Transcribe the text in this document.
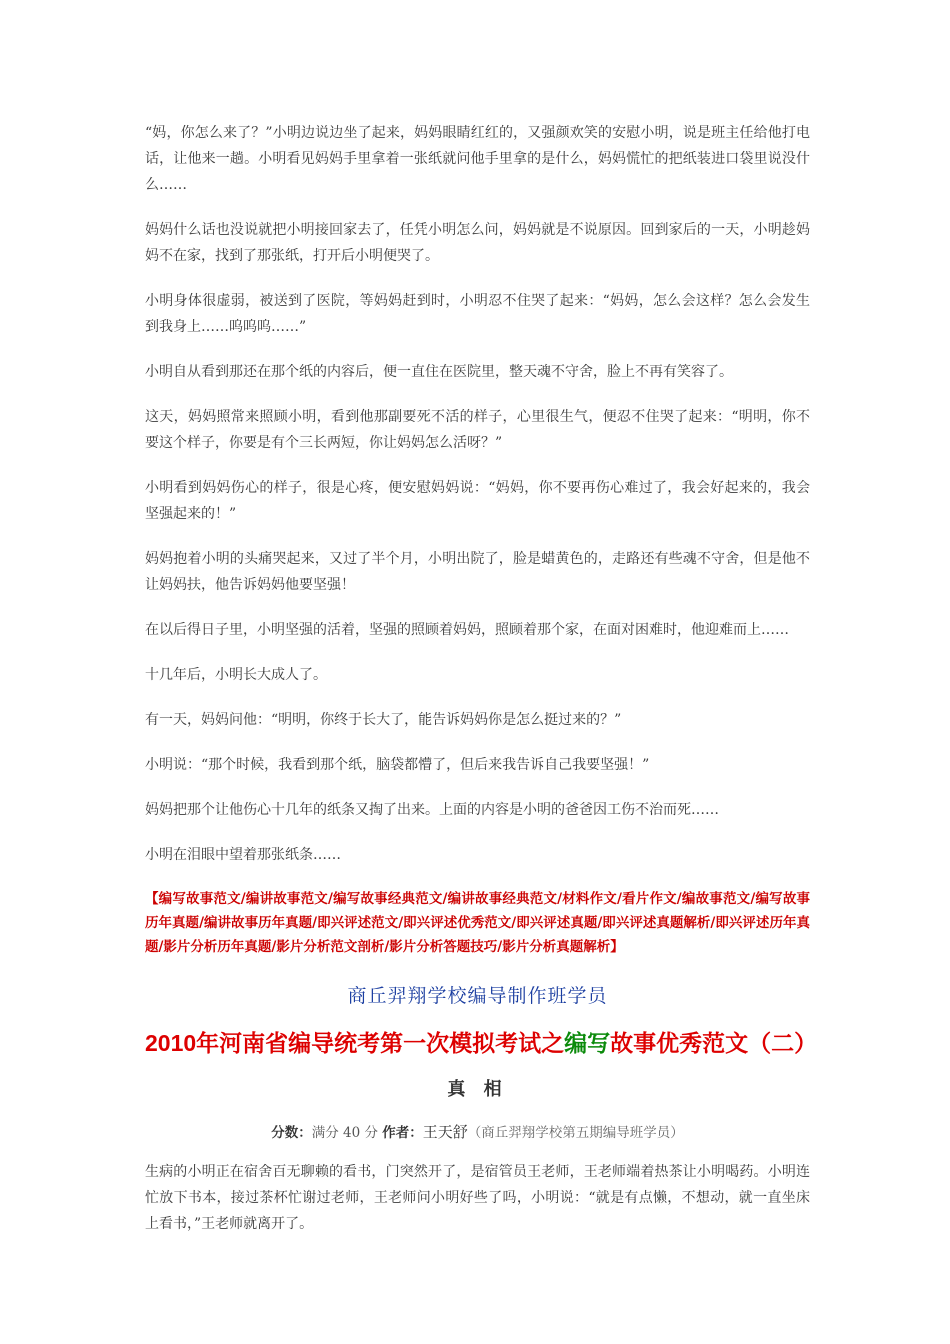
“妈，你怎么来了？”小明边说边坐了起来，妈妈眼睛红红的，又强颜欢笑的安慰小明，说是班主任给他打电话，让他来一趟。小明看见妈妈手里拿着一张纸就问他手里拿的是什么，妈妈慌忙的把纸装进口袋里说没什么……

妈妈什么话也没说就把小明接回家去了，任凭小明怎么问，妈妈就是不说原因。回到家后的一天，小明趁妈妈不在家，找到了那张纸，打开后小明便哭了。

小明身体很虚弱，被送到了医院，等妈妈赶到时，小明忍不住哭了起来：“妈妈，怎么会这样？怎么会发生到我身上……呜呜呜……”

小明自从看到那还在那个纸的内容后，便一直住在医院里，整天魂不守舍，脸上不再有笑容了。

这天，妈妈照常来照顾小明，看到他那副要死不活的样子，心里很生气，便忍不住哭了起来：“明明，你不要这个样子，你要是有个三长两短，你让妈妈怎么活呀？”

小明看到妈妈伤心的样子，很是心疼，便安慰妈妈说：“妈妈，你不要再伤心难过了，我会好起来的，我会坚强起来的！”

妈妈抱着小明的头痛哭起来，又过了半个月，小明出院了，脸是蜡黄色的，走路还有些魂不守舍，但是他不让妈妈扶，他告诉妈妈他要坚强！

在以后得日子里，小明坚强的活着，坚强的照顾着妈妈，照顾着那个家，在面对困难时，他迎难而上……

十几年后，小明长大成人了。

有一天，妈妈问他：“明明，你终于长大了，能告诉妈妈你是怎么挺过来的？”

小明说：“那个时候，我看到那个纸，脑袋都懵了，但后来我告诉自己我要坚强！”

妈妈把那个让他伤心十几年的纸条又掏了出来。上面的内容是小明的爸爸因工伤不治而死……

小明在泪眼中望着那张纸条……

【编写故事范文/编讲故事范文/编写故事经典范文/编讲故事经典范文/材料作文/看片作文/编故事范文/编写故事历年真题/编讲故事历年真题/即兴评述范文/即兴评述优秀范文/即兴评述真题/即兴评述真题解析/即兴评述历年真题/影片分析历年真题/影片分析范文剖析/影片分析答题技巧/影片分析真题解析】

商丘羿翔学校编导制作班学员
2010年河南省编导统考第一次模拟考试之编写故事优秀范文（二）
真 相
分数：满分 40 分 作者：王天舒（商丘羿翔学校第五期编导班学员）

生病的小明正在宿舍百无聊赖的看书，门突然开了，是宿管员王老师，王老师端着热茶让小明喝药。小明连忙放下书本，接过茶杯忙谢过老师，王老师问小明好些了吗，小明说：“就是有点懒，不想动，就一直坐床上看书，”王老师就离开了。
